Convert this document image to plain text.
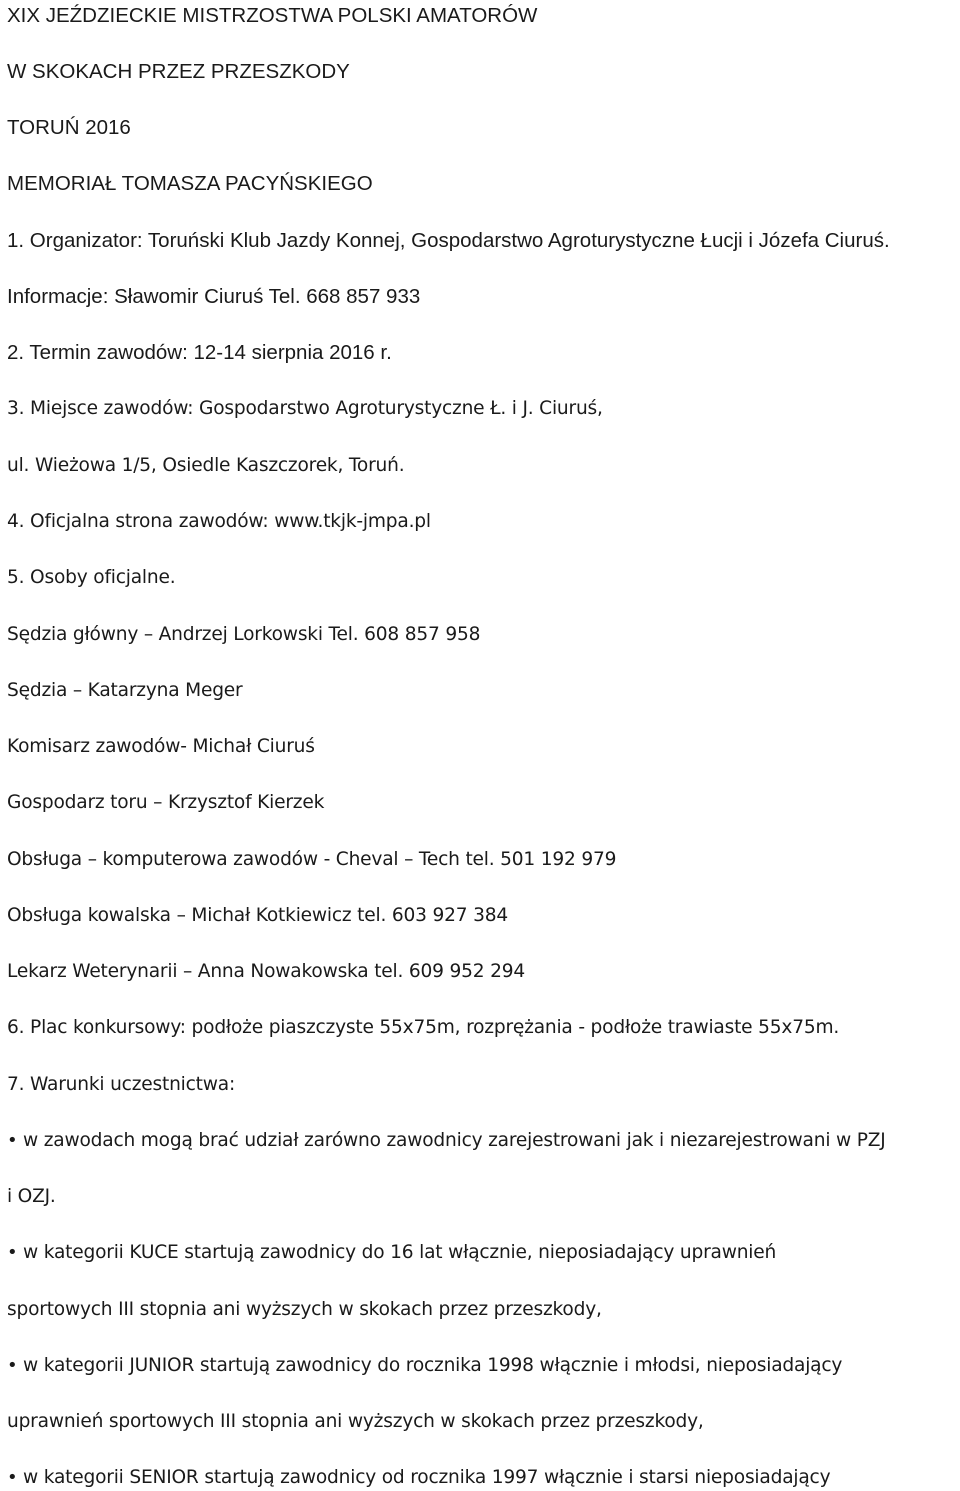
XIX JEŹDZIECKIE MISTRZOSTWA POLSKI AMATORÓW
W SKOKACH PRZEZ PRZESZKODY
TORUŃ 2016
MEMORIAŁ TOMASZA PACYŃSKIEGO
1. Organizator: Toruński Klub Jazdy Konnej, Gospodarstwo Agroturystyczne Łucji i Józefa Ciuruś.
Informacje: Sławomir Ciuruś Tel. 668 857 933
2. Termin zawodów: 12-14 sierpnia 2016 r.
3. Miejsce zawodów: Gospodarstwo Agroturystyczne Ł. i J. Ciuruś,
ul. Wieżowa 1/5, Osiedle Kaszczorek, Toruń.
4. Oficjalna strona zawodów: www.tkjk-jmpa.pl
5. Osoby oficjalne.
Sędzia główny – Andrzej Lorkowski Tel. 608 857 958
Sędzia – Katarzyna Meger
Komisarz zawodów- Michał Ciuruś
Gospodarz toru – Krzysztof Kierzek
Obsługa – komputerowa zawodów - Cheval – Tech tel. 501 192 979
Obsługa kowalska – Michał Kotkiewicz tel. 603 927 384
Lekarz Weterynarii – Anna Nowakowska tel. 609 952 294
6. Plac konkursowy: podłoże piaszczyste 55x75m, rozprężania - podłoże trawiaste 55x75m.
7. Warunki uczestnictwa:
• w zawodach mogą brać udział zarówno zawodnicy zarejestrowani jak i niezarejestrowani w PZJ
i OZJ.
• w kategorii KUCE startują zawodnicy do 16 lat włącznie, nieposiadający uprawnień
sportowych III stopnia ani wyższych w skokach przez przeszkody,
• w kategorii JUNIOR startują zawodnicy do rocznika 1998 włącznie i młodsi, nieposiadający
uprawnień sportowych III stopnia ani wyższych w skokach przez przeszkody,
• w kategorii SENIOR startują zawodnicy od rocznika 1997 włącznie i starsi nieposiadający
